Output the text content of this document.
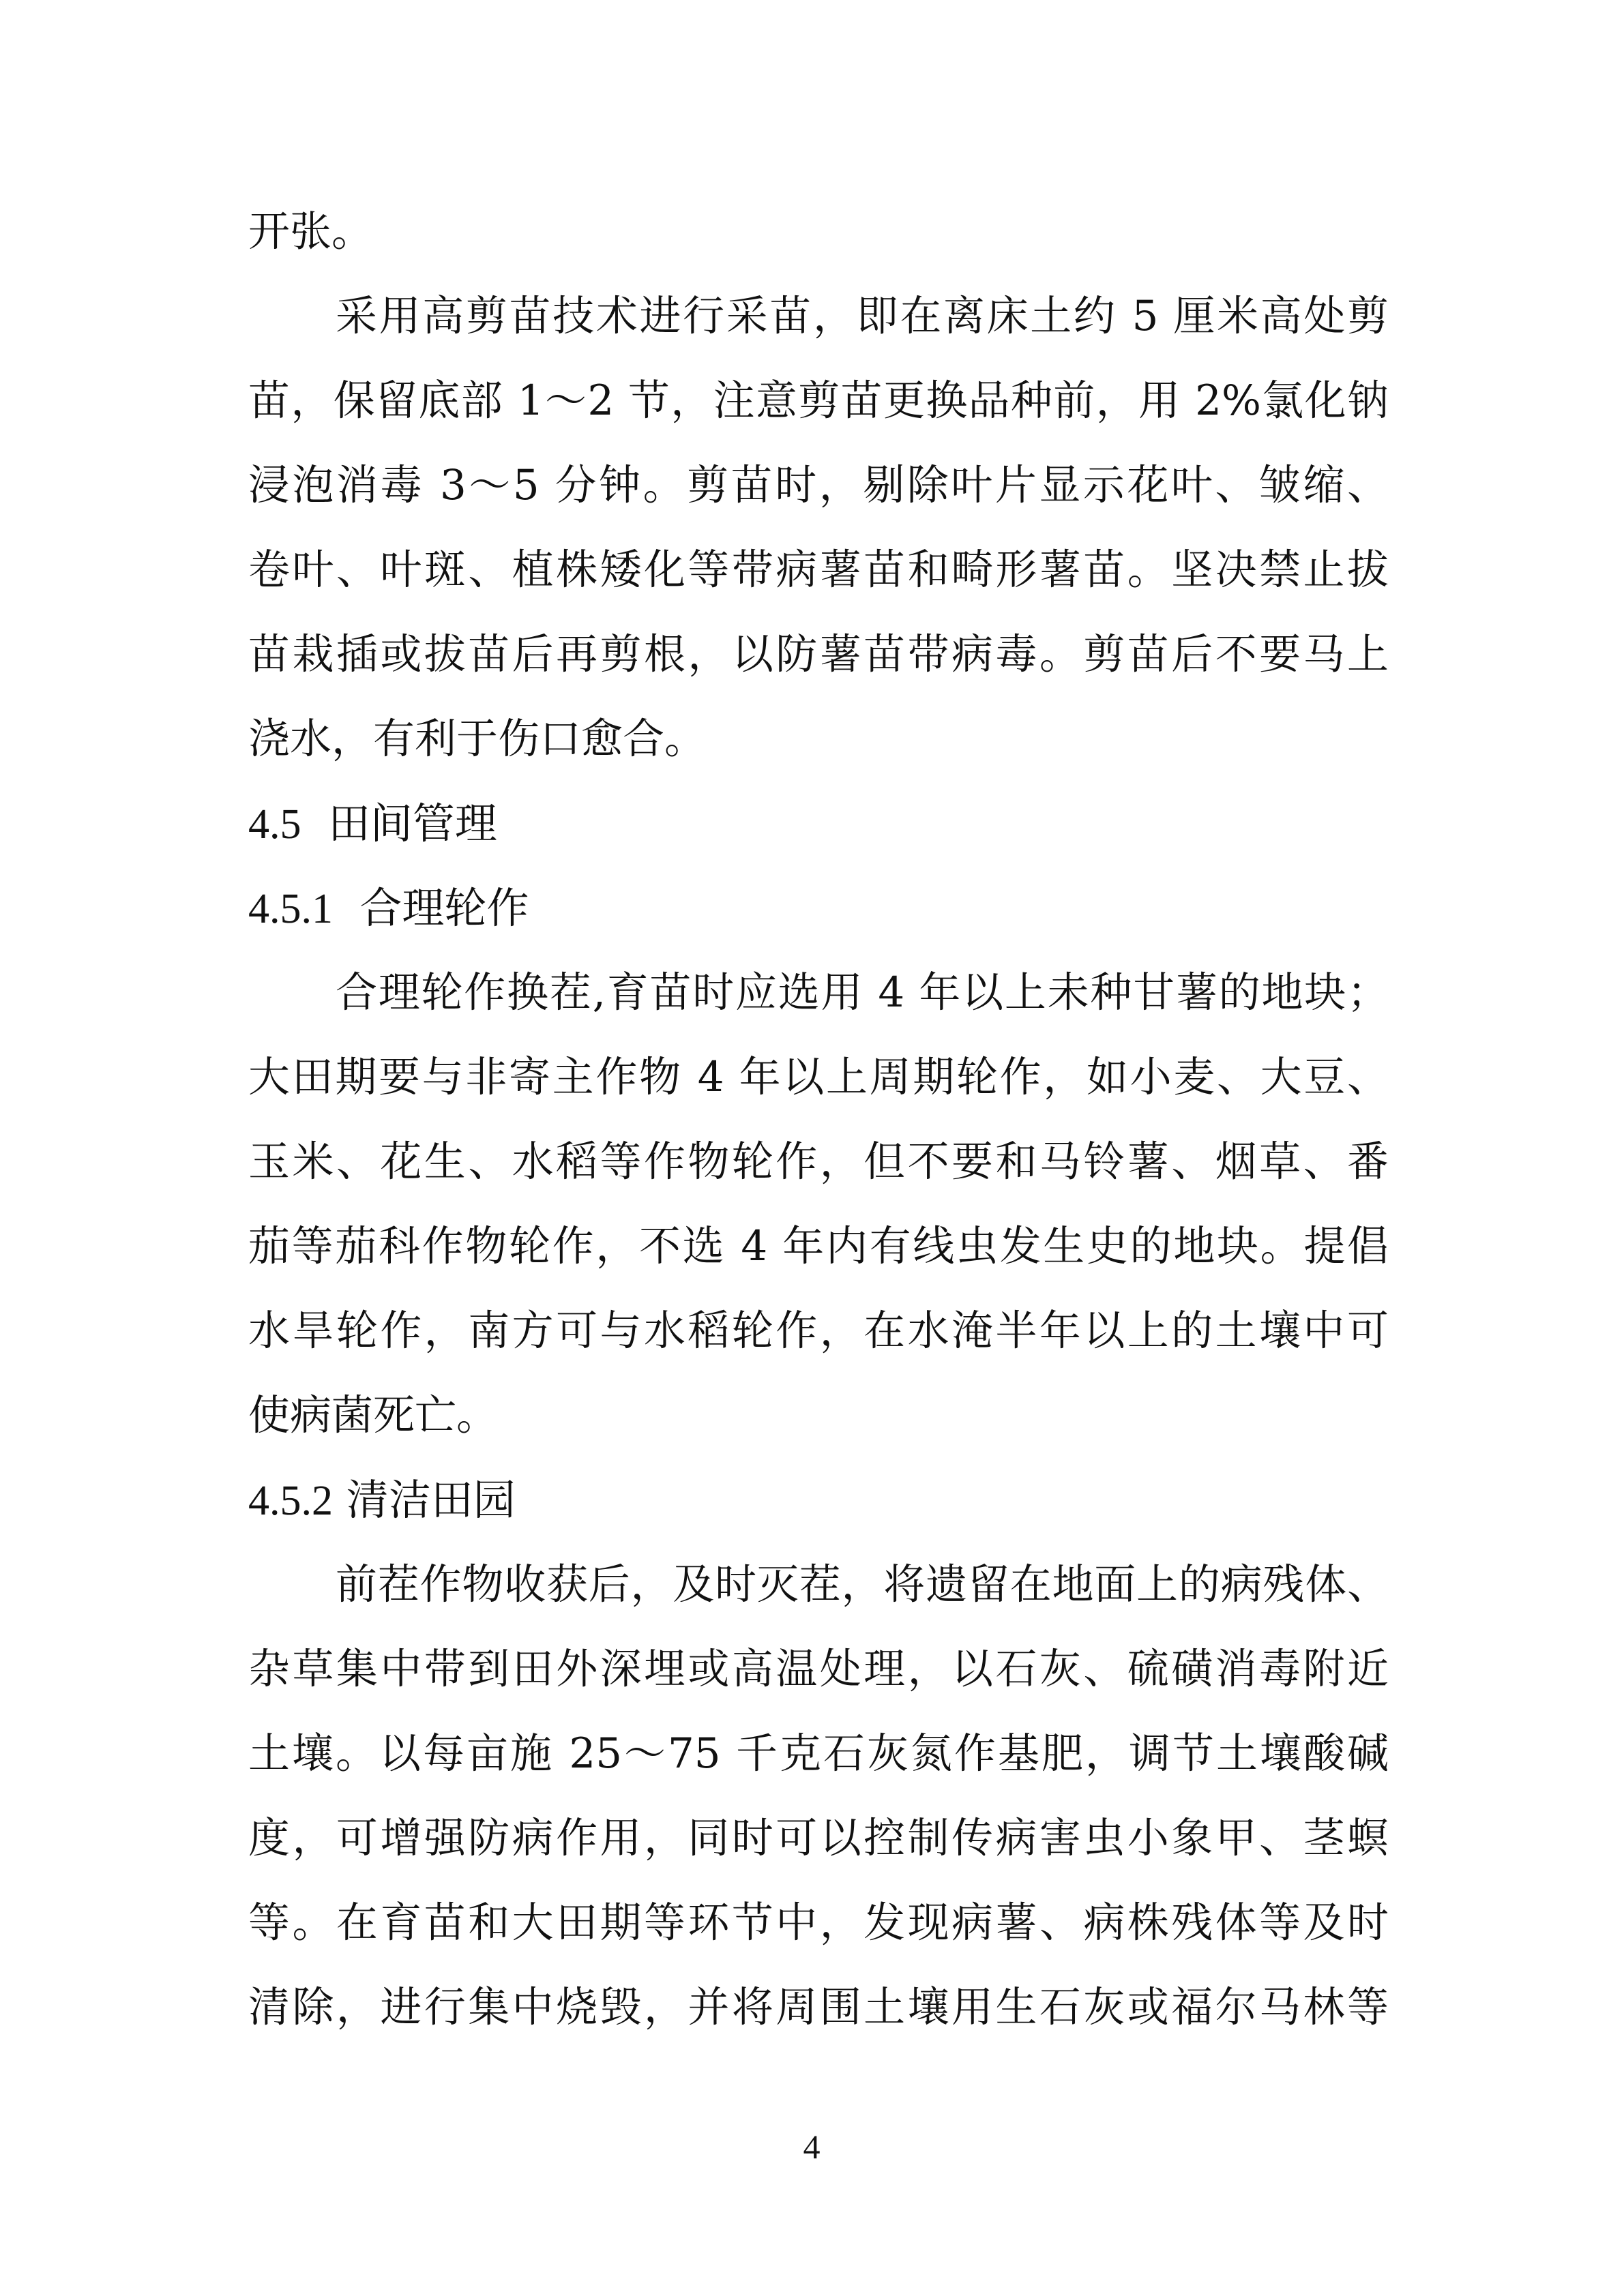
开张。
采用高剪苗技术进行采苗，即在离床土约 5 厘米高处剪
苗，保留底部 1～2 节，注意剪苗更换品种前，用 2%氯化钠
浸泡消毒 3～5 分钟。剪苗时，剔除叶片显示花叶、皱缩、
卷叶、叶斑、植株矮化等带病薯苗和畸形薯苗。坚决禁止拔
苗栽插或拔苗后再剪根，以防薯苗带病毒。剪苗后不要马上
浇水，有利于伤口愈合。
4.5 田间管理
4.5.1 合理轮作
合理轮作换茬,育苗时应选用 4 年以上未种甘薯的地块；
大田期要与非寄主作物 4 年以上周期轮作，如小麦、大豆、
玉米、花生、水稻等作物轮作，但不要和马铃薯、烟草、番
茄等茄科作物轮作，不选 4 年内有线虫发生史的地块。提倡
水旱轮作，南方可与水稻轮作，在水淹半年以上的土壤中可
使病菌死亡。
4.5.2 清洁田园
前茬作物收获后，及时灭茬，将遗留在地面上的病残体、
杂草集中带到田外深埋或高温处理，以石灰、硫磺消毒附近
土壤。以每亩施 25～75 千克石灰氮作基肥，调节土壤酸碱
度，可增强防病作用，同时可以控制传病害虫小象甲、茎螟
等。在育苗和大田期等环节中，发现病薯、病株残体等及时
清除，进行集中烧毁，并将周围土壤用生石灰或福尔马林等
4
